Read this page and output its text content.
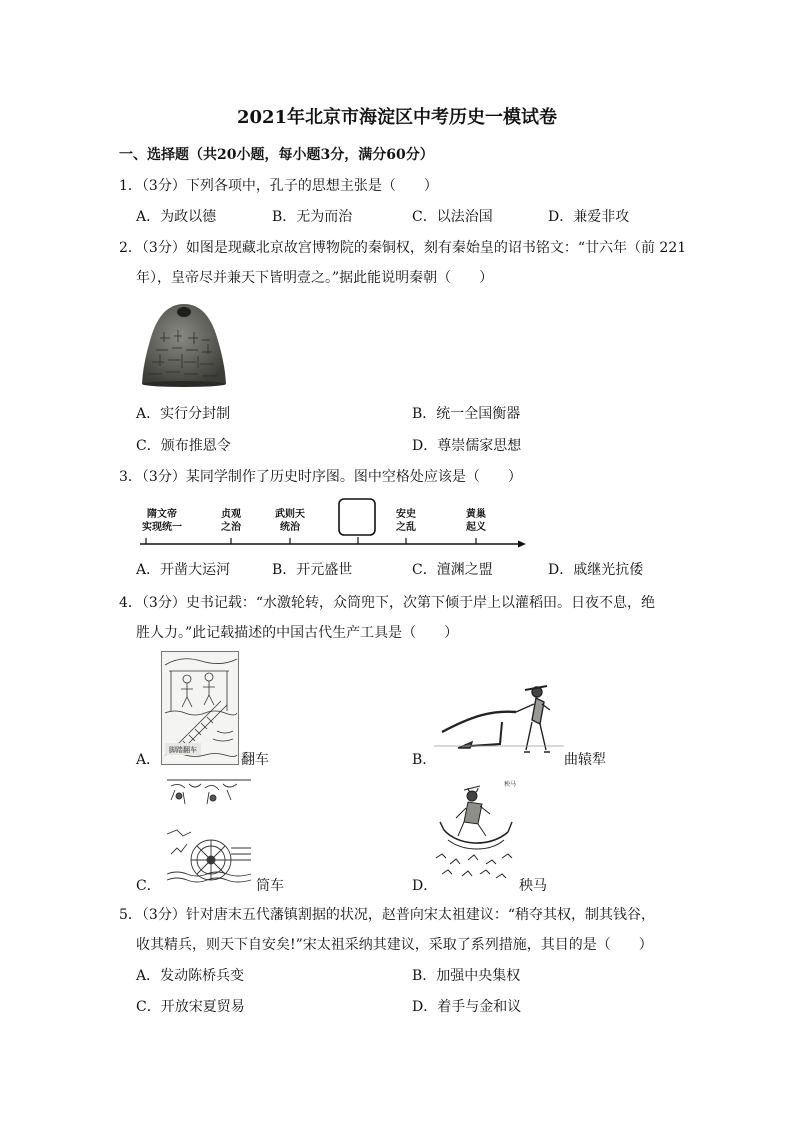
2021年北京市海淀区中考历史一模试卷
一、选择题（共20小题，每小题3分，满分60分）
1．（3分）下列各项中，孔子的思想主张是（　　）
A．为政以德	B．无为而治	C．以法治国	D．兼爱非攻
2．（3分）如图是现藏北京故宫博物院的秦铜权，刻有秦始皇的诏书铭文：“廿六年（前 221
年），皇帝尽并兼天下皆明壹之。”据此能说明秦朝（　　）
A．实行分封制	B．统一全国衡器
C．颁布推恩令	D．尊崇儒家思想
3．（3分）某同学制作了历史时序图。图中空格处应该是（　　）
隋文帝
实现统一
贞观
之治
武则天
统治
安史
之乱
黄巢
起义
A．开凿大运河	B．开元盛世	C．澶渊之盟	D．戚继光抗倭
4．（3分）史书记载：“水激轮转，众筒兜下，次第下倾于岸上以灌稻田。日夜不息，绝
胜人力。”此记载描述的中国古代生产工具是（　　）
脚踏翻车
A．	翻车	B．	曲辕犁
C．	筒车
秧马
D．	秧马
5．（3分）针对唐末五代藩镇割据的状况，赵普向宋太祖建议：“稍夺其权，制其钱谷，
收其精兵，则天下自安矣!”宋太祖采纳其建议，采取了系列措施，其目的是（　　）
A．发动陈桥兵变	B．加强中央集权
C．开放宋夏贸易	D．着手与金和议
